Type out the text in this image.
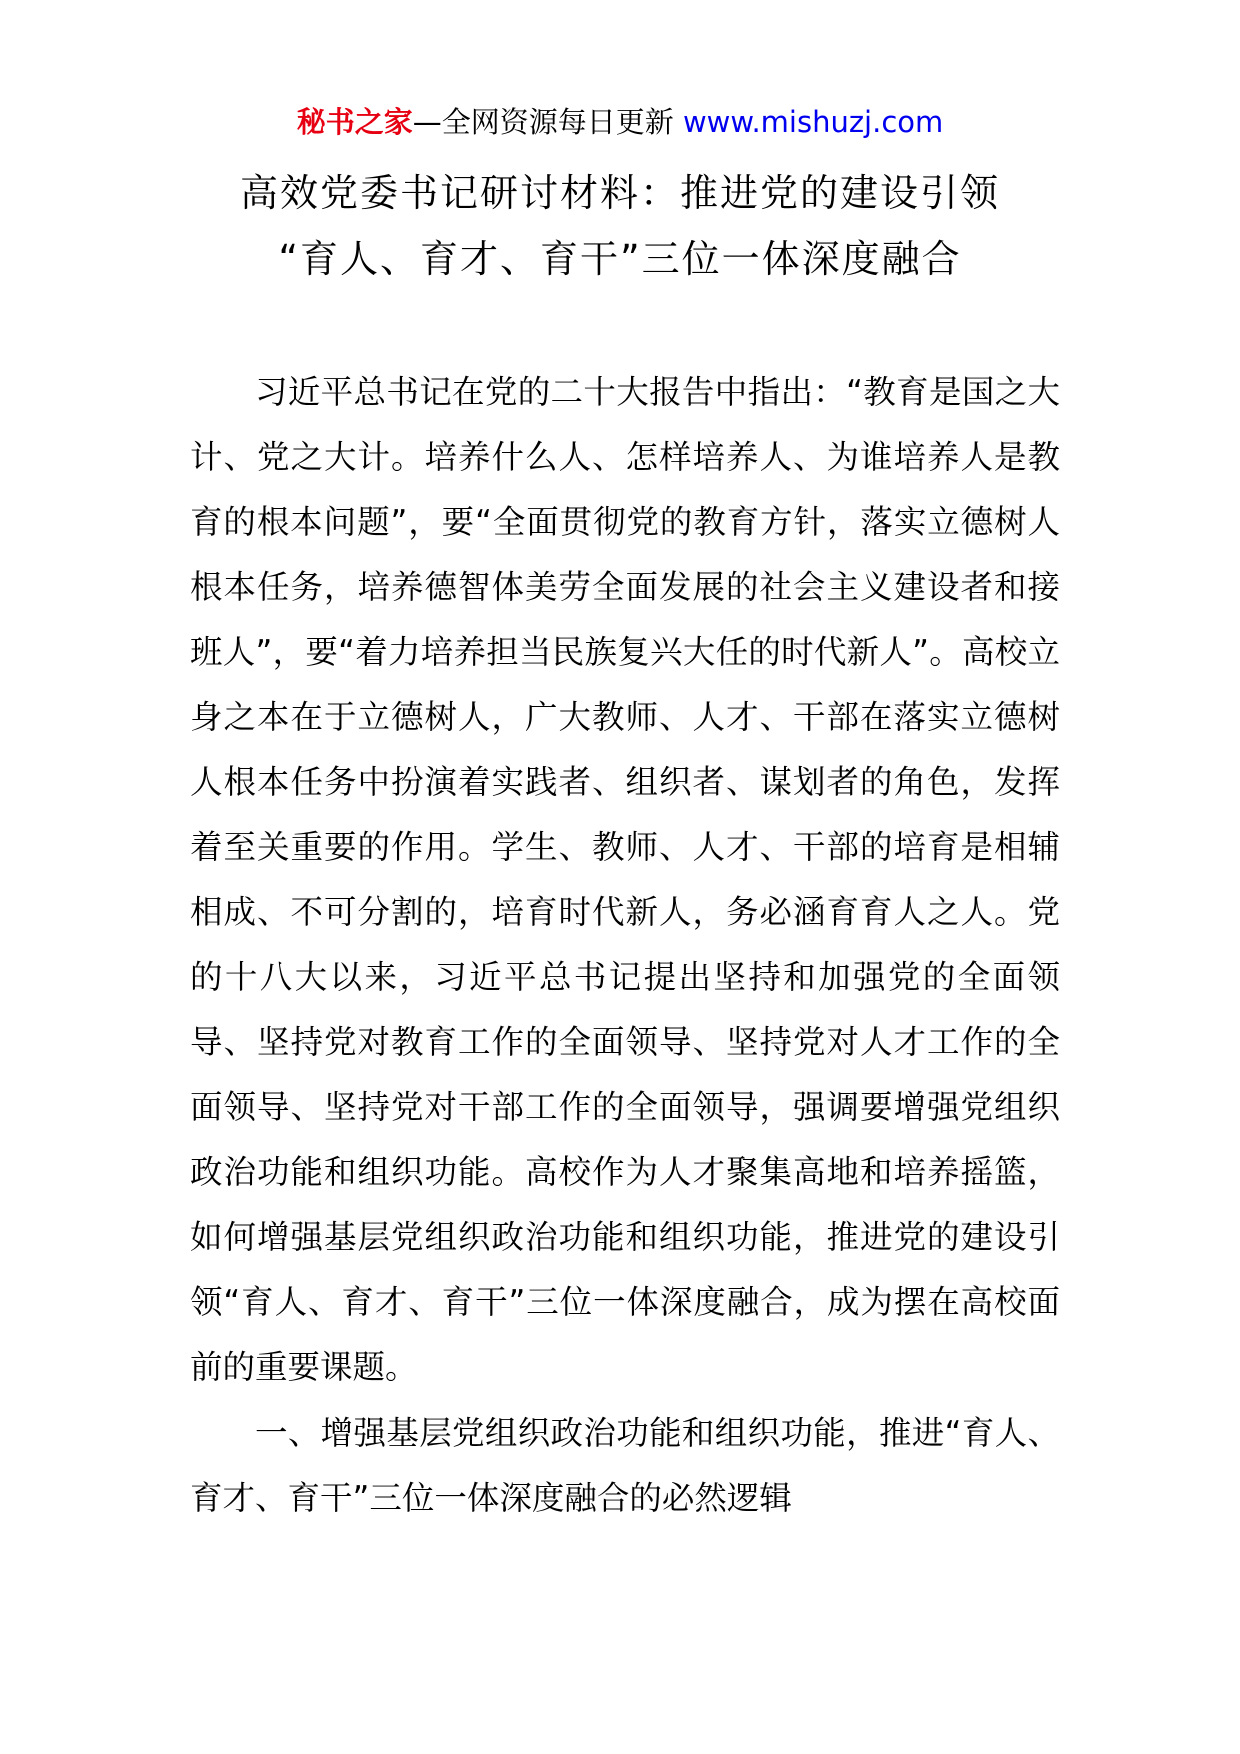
秘书之家—全网资源每日更新 www.mishuzj.com
高效党委书记研讨材料：推进党的建设引领
“育人、育才、育干”三位一体深度融合

习近平总书记在党的二十大报告中指出：“教育是国之大计、党之大计。培养什么人、怎样培养人、为谁培养人是教育的根本问题”，要“全面贯彻党的教育方针，落实立德树人根本任务，培养德智体美劳全面发展的社会主义建设者和接班人”，要“着力培养担当民族复兴大任的时代新人”。高校立身之本在于立德树人，广大教师、人才、干部在落实立德树人根本任务中扮演着实践者、组织者、谋划者的角色，发挥着至关重要的作用。学生、教师、人才、干部的培育是相辅相成、不可分割的，培育时代新人，务必涵育育人之人。党的十八大以来，习近平总书记提出坚持和加强党的全面领导、坚持党对教育工作的全面领导、坚持党对人才工作的全面领导、坚持党对干部工作的全面领导，强调要增强党组织政治功能和组织功能。高校作为人才聚集高地和培养摇篮，如何增强基层党组织政治功能和组织功能，推进党的建设引领“育人、育才、育干”三位一体深度融合，成为摆在高校面前的重要课题。

一、增强基层党组织政治功能和组织功能，推进“育人、育才、育干”三位一体深度融合的必然逻辑
